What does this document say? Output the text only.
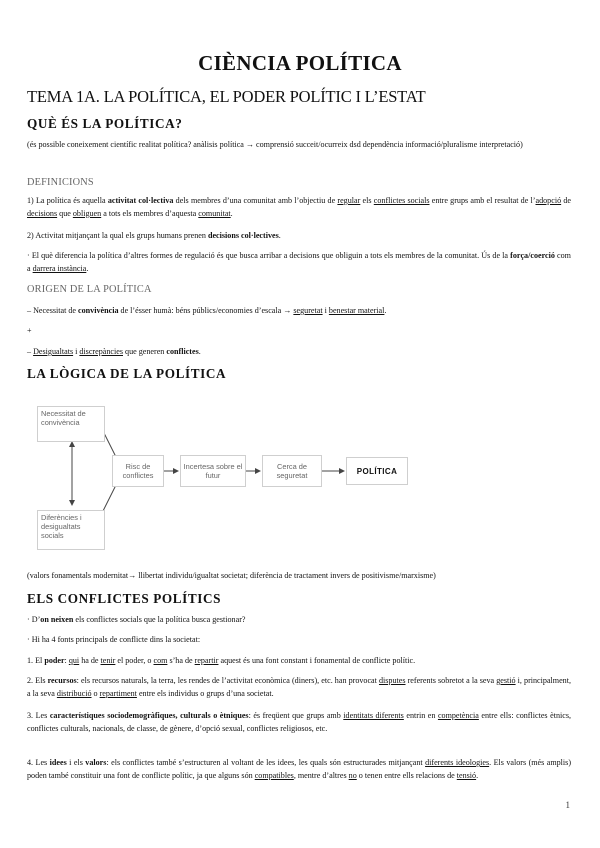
CIÈNCIA POLÍTICA
TEMA 1A. LA POLÍTICA, EL PODER POLÍTIC I L’ESTAT
QUÈ ÉS LA POLÍTICA?
(és possible coneixement científic realitat política? anàlisis política → comprensió succeit/ocurreix dsd dependència informació/pluralisme interpretació)
DEFINICIONS
1) La política és aquella activitat col·lectiva dels membres d’una comunitat amb l’objectiu de regular els conflictes socials entre grups amb el resultat de l’adopció de decisions que obliguen a tots els membres d’aquesta comunitat.
2) Activitat mitjançant la qual els grups humans prenen decisions col·lectives.
· El què diferencia la política d’altres formes de regulació és que busca arribar a decisions que obliguin a tots els membres de la comunitat. Ús de la força/coerció com a darrera instància.
ORIGEN DE LA POLÍTICA
– Necessitat de convivència de l’ésser humà: béns públics/economies d’escala → seguretat i benestar material.
+
– Desigualtats i discrepàncies que generen conflictes.
LA LÒGICA DE LA POLÍTICA
Necessitat de convivència
Diferències i desigualtats socials
Risc de conflictes
Incertesa sobre el futur
Cerca de seguretat	POLÍTICA
(valors fonamentals modernitat→ llibertat individu/igualtat societat; diferència de tractament invers de positivisme/marxisme)
ELS CONFLICTES POLÍTICS
· D’on neixen els conflictes socials que la política busca gestionar?
· Hi ha 4 fonts principals de conflicte dins la societat:
1. El poder: qui ha de tenir el poder, o com s’ha de repartir aquest és una font constant i fonamental de conflicte polític.
2. Els recursos: els recursos naturals, la terra, les rendes de l’activitat econòmica (diners), etc. han provocat disputes referents sobretot a la seva gestió i, principalment, a la seva distribució o repartiment entre els individus o grups d’una societat.
3. Les característiques sociodemogràfiques, culturals o ètniques: és freqüent que grups amb identitats diferents entrin en competència entre ells: conflictes ètnics, conflictes culturals, nacionals, de classe, de gènere, d’opció sexual, conflictes religiosos, etc.
4. Les idees i els valors: els conflictes també s’estructuren al voltant de les idees, les quals són estructurades mitjançant diferents ideologies. Els valors (més amplis) poden també constituir una font de conflicte polític, ja que alguns són compatibles, mentre d’altres no o tenen entre ells relacions de tensió.
1
